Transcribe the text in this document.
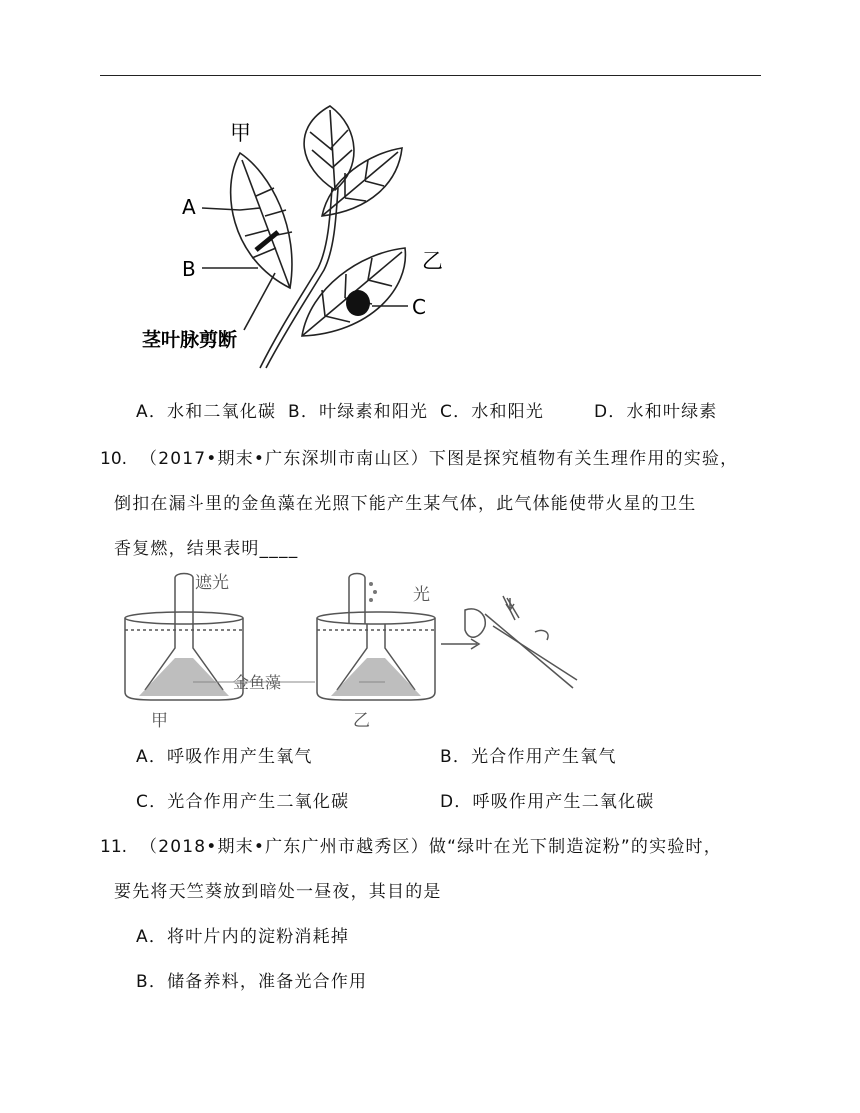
甲
乙
A
B
C
茎叶脉剪断
A．水和二氧化碳 B．叶绿素和阳光 C．水和阳光	D．水和叶绿素
10. （2017•期末•广东深圳市南山区）下图是探究植物有关生理作用的实验，
倒扣在漏斗里的金鱼藻在光照下能产生某气体，此气体能使带火星的卫生
香复燃，结果表明____
遮光
光
金鱼藻
甲	乙
A．呼吸作用产生氧气	B．光合作用产生氧气
C．光合作用产生二氧化碳	D．呼吸作用产生二氧化碳
11. （2018•期末•广东广州市越秀区）做“绿叶在光下制造淀粉”的实验时，
要先将天竺葵放到暗处一昼夜，其目的是
A．将叶片内的淀粉消耗掉
B．储备养料，准备光合作用
